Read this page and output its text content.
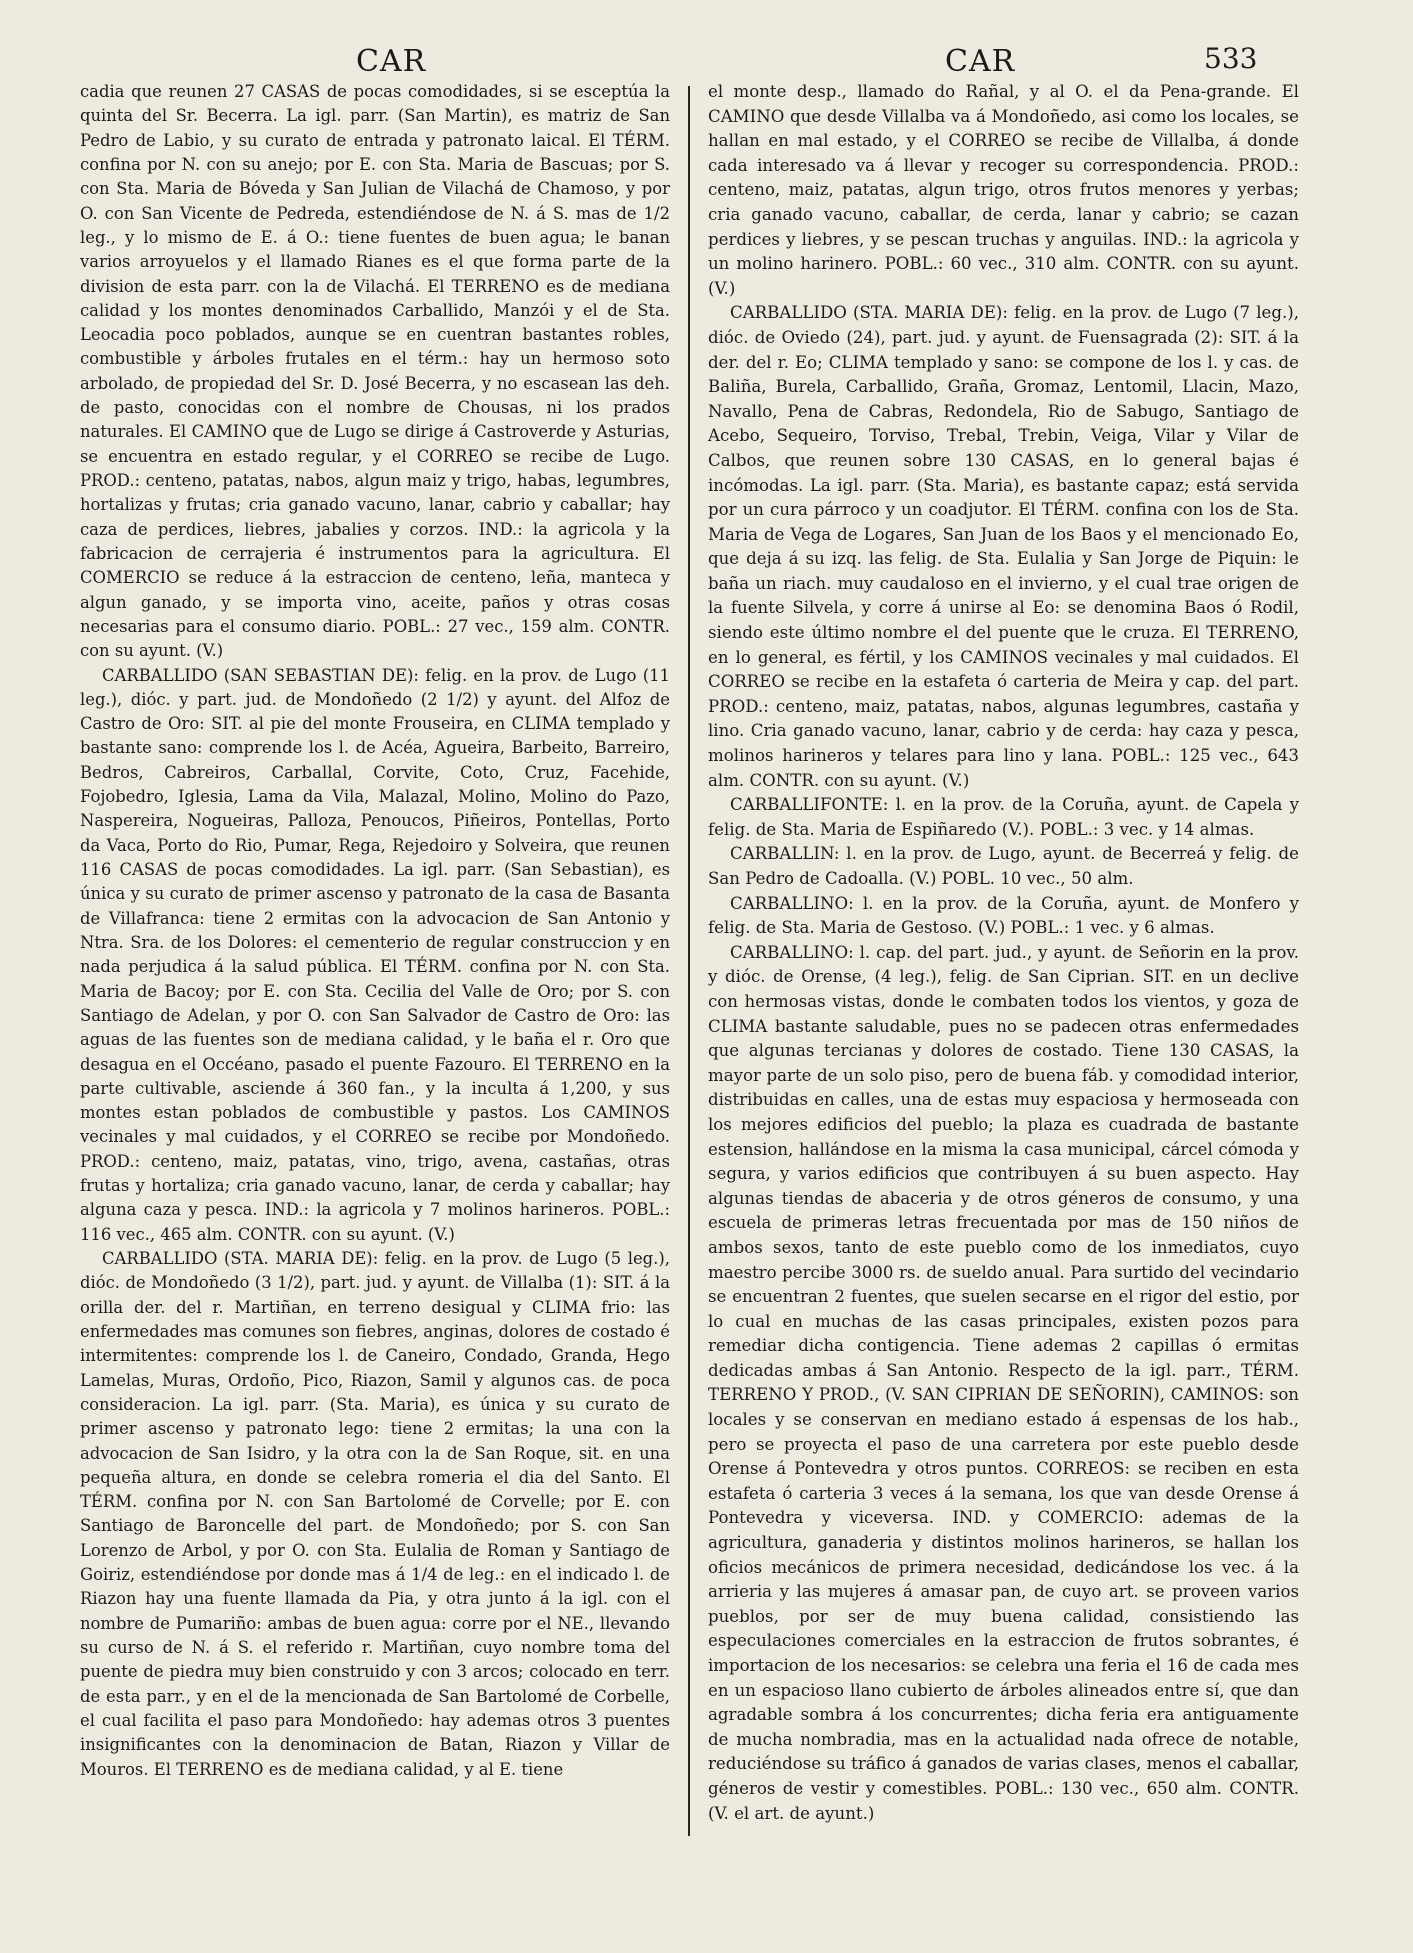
CAR	CAR	533

cadia que reunen 27 CASAS de pocas comodidades, si se esceptúa la quinta del Sr. Becerra. La igl. parr. (San Martin), es matriz de San Pedro de Labio, y su curato de entrada y patronato laical. El TÉRM. confina por N. con su anejo; por E. con Sta. Maria de Bascuas; por S. con Sta. Maria de Bóveda y San Julian de Vilachá de Chamoso, y por O. con San Vicente de Pedreda, estendiéndose de N. á S. mas de 1/2 leg., y lo mismo de E. á O.: tiene fuentes de buen agua; le banan varios arroyuelos y el llamado Rianes es el que forma parte de la division de esta parr. con la de Vilachá. El TERRENO es de mediana calidad y los montes denominados Carballido, Manzói y el de Sta. Leocadia poco poblados, aunque se en cuentran bastantes robles, combustible y árboles frutales en el térm.: hay un hermoso soto arbolado, de propiedad del Sr. D. José Becerra, y no escasean las deh. de pasto, conocidas con el nombre de Chousas, ni los prados naturales. El CAMINO que de Lugo se dirige á Castroverde y Asturias, se encuentra en estado regular, y el CORREO se recibe de Lugo. PROD.: centeno, patatas, nabos, algun maiz y trigo, habas, legumbres, hortalizas y frutas; cria ganado vacuno, lanar, cabrio y caballar; hay caza de perdices, liebres, jabalies y corzos. IND.: la agricola y la fabricacion de cerrajeria é instrumentos para la agricultura. El COMERCIO se reduce á la estraccion de centeno, leña, manteca y algun ganado, y se importa vino, aceite, paños y otras cosas necesarias para el consumo diario. POBL.: 27 vec., 159 alm. CONTR. con su ayunt. (V.)

CARBALLIDO (SAN SEBASTIAN DE): felig. en la prov. de Lugo (11 leg.), dióc. y part. jud. de Mondoñedo (2 1/2) y ayunt. del Alfoz de Castro de Oro: SIT. al pie del monte Frouseira, en CLIMA templado y bastante sano: comprende los l. de Acéa, Agueira, Barbeito, Barreiro, Bedros, Cabreiros, Carballal, Corvite, Coto, Cruz, Facehide, Fojobedro, Iglesia, Lama da Vila, Malazal, Molino, Molino do Pazo, Naspereira, Nogueiras, Palloza, Penoucos, Piñeiros, Pontellas, Porto da Vaca, Porto do Rio, Pumar, Rega, Rejedoiro y Solveira, que reunen 116 CASAS de pocas comodidades. La igl. parr. (San Sebastian), es única y su curato de primer ascenso y patronato de la casa de Basanta de Villafranca: tiene 2 ermitas con la advocacion de San Antonio y Ntra. Sra. de los Dolores: el cementerio de regular construccion y en nada perjudica á la salud pública. El TÉRM. confina por N. con Sta. Maria de Bacoy; por E. con Sta. Cecilia del Valle de Oro; por S. con Santiago de Adelan, y por O. con San Salvador de Castro de Oro: las aguas de las fuentes son de mediana calidad, y le baña el r. Oro que desagua en el Occéano, pasado el puente Fazouro. El TERRENO en la parte cultivable, asciende á 360 fan., y la inculta á 1,200, y sus montes estan poblados de combustible y pastos. Los CAMINOS vecinales y mal cuidados, y el CORREO se recibe por Mondoñedo. PROD.: centeno, maiz, patatas, vino, trigo, avena, castañas, otras frutas y hortaliza; cria ganado vacuno, lanar, de cerda y caballar; hay alguna caza y pesca. IND.: la agricola y 7 molinos harineros. POBL.: 116 vec., 465 alm. CONTR. con su ayunt. (V.)

CARBALLIDO (STA. MARIA DE): felig. en la prov. de Lugo (5 leg.), dióc. de Mondoñedo (3 1/2), part. jud. y ayunt. de Villalba (1): SIT. á la orilla der. del r. Martiñan, en terreno desigual y CLIMA frio: las enfermedades mas comunes son fiebres, anginas, dolores de costado é intermitentes: comprende los l. de Caneiro, Condado, Granda, Hego Lamelas, Muras, Ordoño, Pico, Riazon, Samil y algunos cas. de poca consideracion. La igl. parr. (Sta. Maria), es única y su curato de primer ascenso y patronato lego: tiene 2 ermitas; la una con la advocacion de San Isidro, y la otra con la de San Roque, sit. en una pequeña altura, en donde se celebra romeria el dia del Santo. El TÉRM. confina por N. con San Bartolomé de Corvelle; por E. con Santiago de Baroncelle del part. de Mondoñedo; por S. con San Lorenzo de Arbol, y por O. con Sta. Eulalia de Roman y Santiago de Goiriz, estendiéndose por donde mas á 1/4 de leg.: en el indicado l. de Riazon hay una fuente llamada da Pia, y otra junto á la igl. con el nombre de Pumariño: ambas de buen agua: corre por el NE., llevando su curso de N. á S. el referido r. Martiñan, cuyo nombre toma del puente de piedra muy bien construido y con 3 arcos; colocado en terr. de esta parr., y en el de la mencionada de San Bartolomé de Corbelle, el cual facilita el paso para Mondoñedo: hay ademas otros 3 puentes insignificantes con la denominacion de Batan, Riazon y Villar de Mouros. El TERRENO es de mediana calidad, y al E. tiene

el monte desp., llamado do Rañal, y al O. el da Pena-grande. El CAMINO que desde Villalba va á Mondoñedo, asi como los locales, se hallan en mal estado, y el CORREO se recibe de Villalba, á donde cada interesado va á llevar y recoger su correspondencia. PROD.: centeno, maiz, patatas, algun trigo, otros frutos menores y yerbas; cria ganado vacuno, caballar, de cerda, lanar y cabrio; se cazan perdices y liebres, y se pescan truchas y anguilas. IND.: la agricola y un molino harinero. POBL.: 60 vec., 310 alm. CONTR. con su ayunt. (V.)

CARBALLIDO (STA. MARIA DE): felig. en la prov. de Lugo (7 leg.), dióc. de Oviedo (24), part. jud. y ayunt. de Fuensagrada (2): SIT. á la der. del r. Eo; CLIMA templado y sano: se compone de los l. y cas. de Baliña, Burela, Carballido, Graña, Gromaz, Lentomil, Llacin, Mazo, Navallo, Pena de Cabras, Redondela, Rio de Sabugo, Santiago de Acebo, Sequeiro, Torviso, Trebal, Trebin, Veiga, Vilar y Vilar de Calbos, que reunen sobre 130 CASAS, en lo general bajas é incómodas. La igl. parr. (Sta. Maria), es bastante capaz; está servida por un cura párroco y un coadjutor. El TÉRM. confina con los de Sta. Maria de Vega de Logares, San Juan de los Baos y el mencionado Eo, que deja á su izq. las felig. de Sta. Eulalia y San Jorge de Piquin: le baña un riach. muy caudaloso en el invierno, y el cual trae origen de la fuente Silvela, y corre á unirse al Eo: se denomina Baos ó Rodil, siendo este último nombre el del puente que le cruza. El TERRENO, en lo general, es fértil, y los CAMINOS vecinales y mal cuidados. El CORREO se recibe en la estafeta ó carteria de Meira y cap. del part. PROD.: centeno, maiz, patatas, nabos, algunas legumbres, castaña y lino. Cria ganado vacuno, lanar, cabrio y de cerda: hay caza y pesca, molinos harineros y telares para lino y lana. POBL.: 125 vec., 643 alm. CONTR. con su ayunt. (V.)

CARBALLIFONTE: l. en la prov. de la Coruña, ayunt. de Capela y felig. de Sta. Maria de Espiñaredo (V.). POBL.: 3 vec. y 14 almas.

CARBALLIN: l. en la prov. de Lugo, ayunt. de Becerreá y felig. de San Pedro de Cadoalla. (V.) POBL. 10 vec., 50 alm.

CARBALLINO: l. en la prov. de la Coruña, ayunt. de Monfero y felig. de Sta. Maria de Gestoso. (V.) POBL.: 1 vec. y 6 almas.

CARBALLINO: l. cap. del part. jud., y ayunt. de Señorin en la prov. y dióc. de Orense, (4 leg.), felig. de San Ciprian. SIT. en un declive con hermosas vistas, donde le combaten todos los vientos, y goza de CLIMA bastante saludable, pues no se padecen otras enfermedades que algunas tercianas y dolores de costado. Tiene 130 CASAS, la mayor parte de un solo piso, pero de buena fáb. y comodidad interior, distribuidas en calles, una de estas muy espaciosa y hermoseada con los mejores edificios del pueblo; la plaza es cuadrada de bastante estension, hallándose en la misma la casa municipal, cárcel cómoda y segura, y varios edificios que contribuyen á su buen aspecto. Hay algunas tiendas de abaceria y de otros géneros de consumo, y una escuela de primeras letras frecuentada por mas de 150 niños de ambos sexos, tanto de este pueblo como de los inmediatos, cuyo maestro percibe 3000 rs. de sueldo anual. Para surtido del vecindario se encuentran 2 fuentes, que suelen secarse en el rigor del estio, por lo cual en muchas de las casas principales, existen pozos para remediar dicha contigencia. Tiene ademas 2 capillas ó ermitas dedicadas ambas á San Antonio. Respecto de la igl. parr., TÉRM. TERRENO Y PROD., (V. SAN CIPRIAN DE SEÑORIN), CAMINOS: son locales y se conservan en mediano estado á espensas de los hab., pero se proyecta el paso de una carretera por este pueblo desde Orense á Pontevedra y otros puntos. CORREOS: se reciben en esta estafeta ó carteria 3 veces á la semana, los que van desde Orense á Pontevedra y viceversa. IND. y COMERCIO: ademas de la agricultura, ganaderia y distintos molinos harineros, se hallan los oficios mecánicos de primera necesidad, dedicándose los vec. á la arrieria y las mujeres á amasar pan, de cuyo art. se proveen varios pueblos, por ser de muy buena calidad, consistiendo las especulaciones comerciales en la estraccion de frutos sobrantes, é importacion de los necesarios: se celebra una feria el 16 de cada mes en un espacioso llano cubierto de árboles alineados entre sí, que dan agradable sombra á los concurrentes; dicha feria era antiguamente de mucha nombradia, mas en la actualidad nada ofrece de notable, reduciéndose su tráfico á ganados de varias clases, menos el caballar, géneros de vestir y comestibles. POBL.: 130 vec., 650 alm. CONTR. (V. el art. de ayunt.)
